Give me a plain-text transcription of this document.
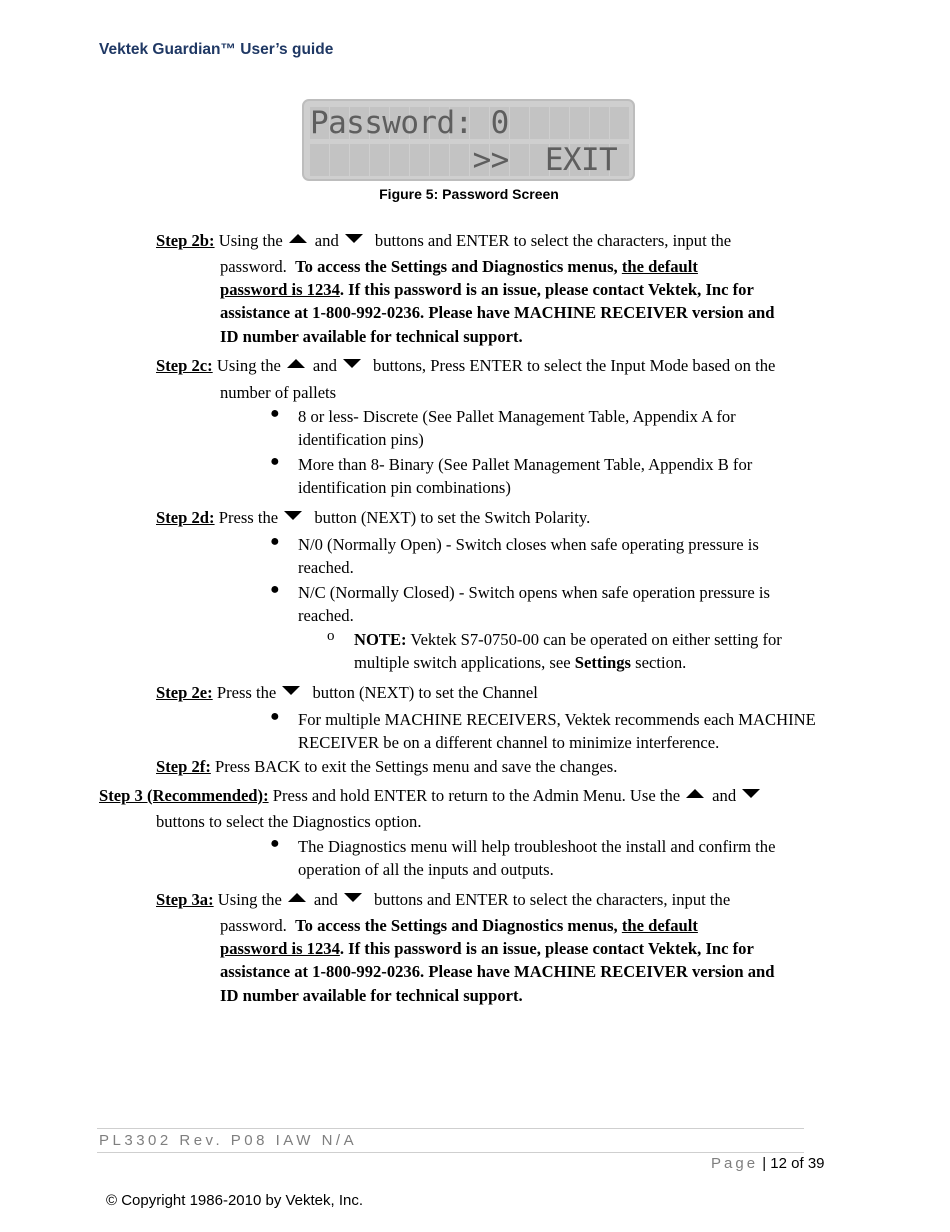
Vektek Guardian™ User’s guide
Password: 0
>>  EXIT
Figure 5: Password Screen
Step 2b: Using the and buttons and ENTER to select the characters, input the
password. To access the Settings and Diagnostics menus, the default
password is 1234. If this password is an issue, please contact Vektek, Inc for
assistance at 1-800-992-0236. Please have MACHINE RECEIVER version and
ID number available for technical support.
Step 2c: Using the and buttons, Press ENTER to select the Input Mode based on the
number of pallets
● 8 or less- Discrete (See Pallet Management Table, Appendix A for
identification pins)
● More than 8- Binary (See Pallet Management Table, Appendix B for
identification pin combinations)
Step 2d: Press the button (NEXT) to set the Switch Polarity.
● N/0 (Normally Open) - Switch closes when safe operating pressure is
reached.
● N/C (Normally Closed) - Switch opens when safe operation pressure is
reached.
o NOTE: Vektek S7-0750-00 can be operated on either setting for
multiple switch applications, see Settings section.
Step 2e: Press the button (NEXT) to set the Channel
● For multiple MACHINE RECEIVERS, Vektek recommends each MACHINE
RECEIVER be on a different channel to minimize interference.
Step 2f: Press BACK to exit the Settings menu and save the changes.
Step 3 (Recommended): Press and hold ENTER to return to the Admin Menu. Use the and
buttons to select the Diagnostics option.
● The Diagnostics menu will help troubleshoot the install and confirm the
operation of all the inputs and outputs.
Step 3a: Using the and buttons and ENTER to select the characters, input the
password. To access the Settings and Diagnostics menus, the default
password is 1234. If this password is an issue, please contact Vektek, Inc for
assistance at 1-800-992-0236. Please have MACHINE RECEIVER version and
ID number available for technical support.
PL3302 Rev. P08 IAW N/A
Page | 12 of 39
© Copyright 1986-2010 by Vektek, Inc.
